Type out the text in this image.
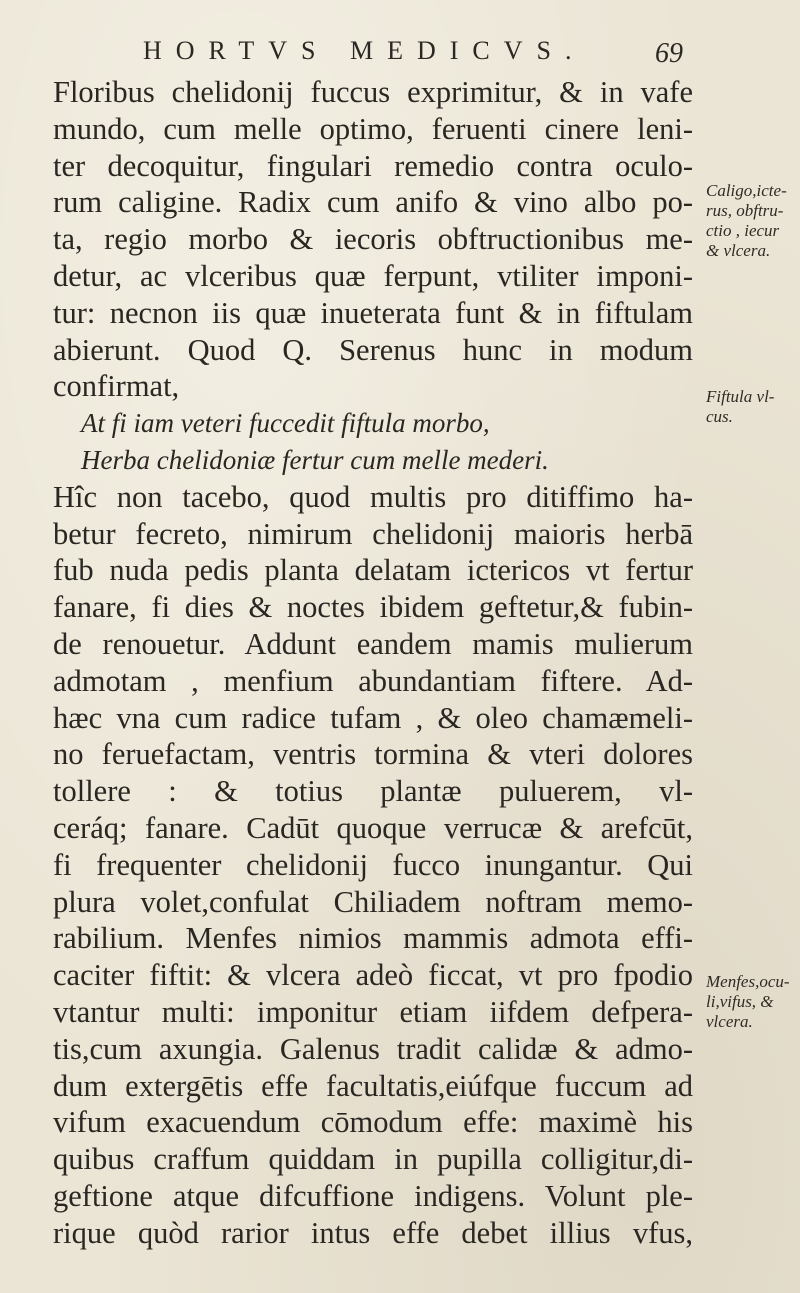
HORTVS MEDICVS. 69
Floribus chelidonij fuccus exprimitur, & in vafe
mundo, cum melle optimo, feruenti cinere leni-
ter decoquitur, fingulari remedio contra oculo-
rum caligine. Radix cum anifo & vino albo po-
ta, regio morbo & iecoris obftructionibus me-
detur, ac vlceribus quæ ferpunt, vtiliter imponi-
tur: necnon iis quæ inueterata funt & in fiftulam
abierunt. Quod Q. Serenus hunc in modum
confirmat,
At fi iam veteri fuccedit fiftula morbo,
Herba chelidoniæ fertur cum melle mederi.
Hîc non tacebo, quod multis pro ditiffimo ha-
betur fecreto, nimirum chelidonij maioris herbā
fub nuda pedis planta delatam ictericos vt fertur
fanare, fi dies & noctes ibidem geftetur,& fubin-
de renouetur. Addunt eandem mamis mulierum
admotam , menfium abundantiam fiftere. Ad-
hæc vna cum radice tufam , & oleo chamæmeli-
no feruefactam, ventris tormina & vteri dolores
tollere : & totius plantæ puluerem, vl-
ceráq; fanare. Cadūt quoque verrucæ & arefcūt,
fi frequenter chelidonij fucco inungantur. Qui
plura volet,confulat Chiliadem noftram memo-
rabilium. Menfes nimios mammis admota effi-
caciter fiftit: & vlcera adeò ficcat, vt pro fpodio
vtantur multi: imponitur etiam iifdem defpera-
tis,cum axungia. Galenus tradit calidæ & admo-
dum extergētis effe facultatis,eiúfque fuccum ad
vifum exacuendum cōmodum effe: maximè his
quibus craffum quiddam in pupilla colligitur,di-
geftione atque difcuffione indigens. Volunt ple-
rique quòd rarior intus effe debet illius vfus,
Caligo,icte-
rus, obftru-
ctio , iecur
& vlcera.
Fiftula vl-
cus.
Menfes,ocu-
li,vifus, &
vlcera.
